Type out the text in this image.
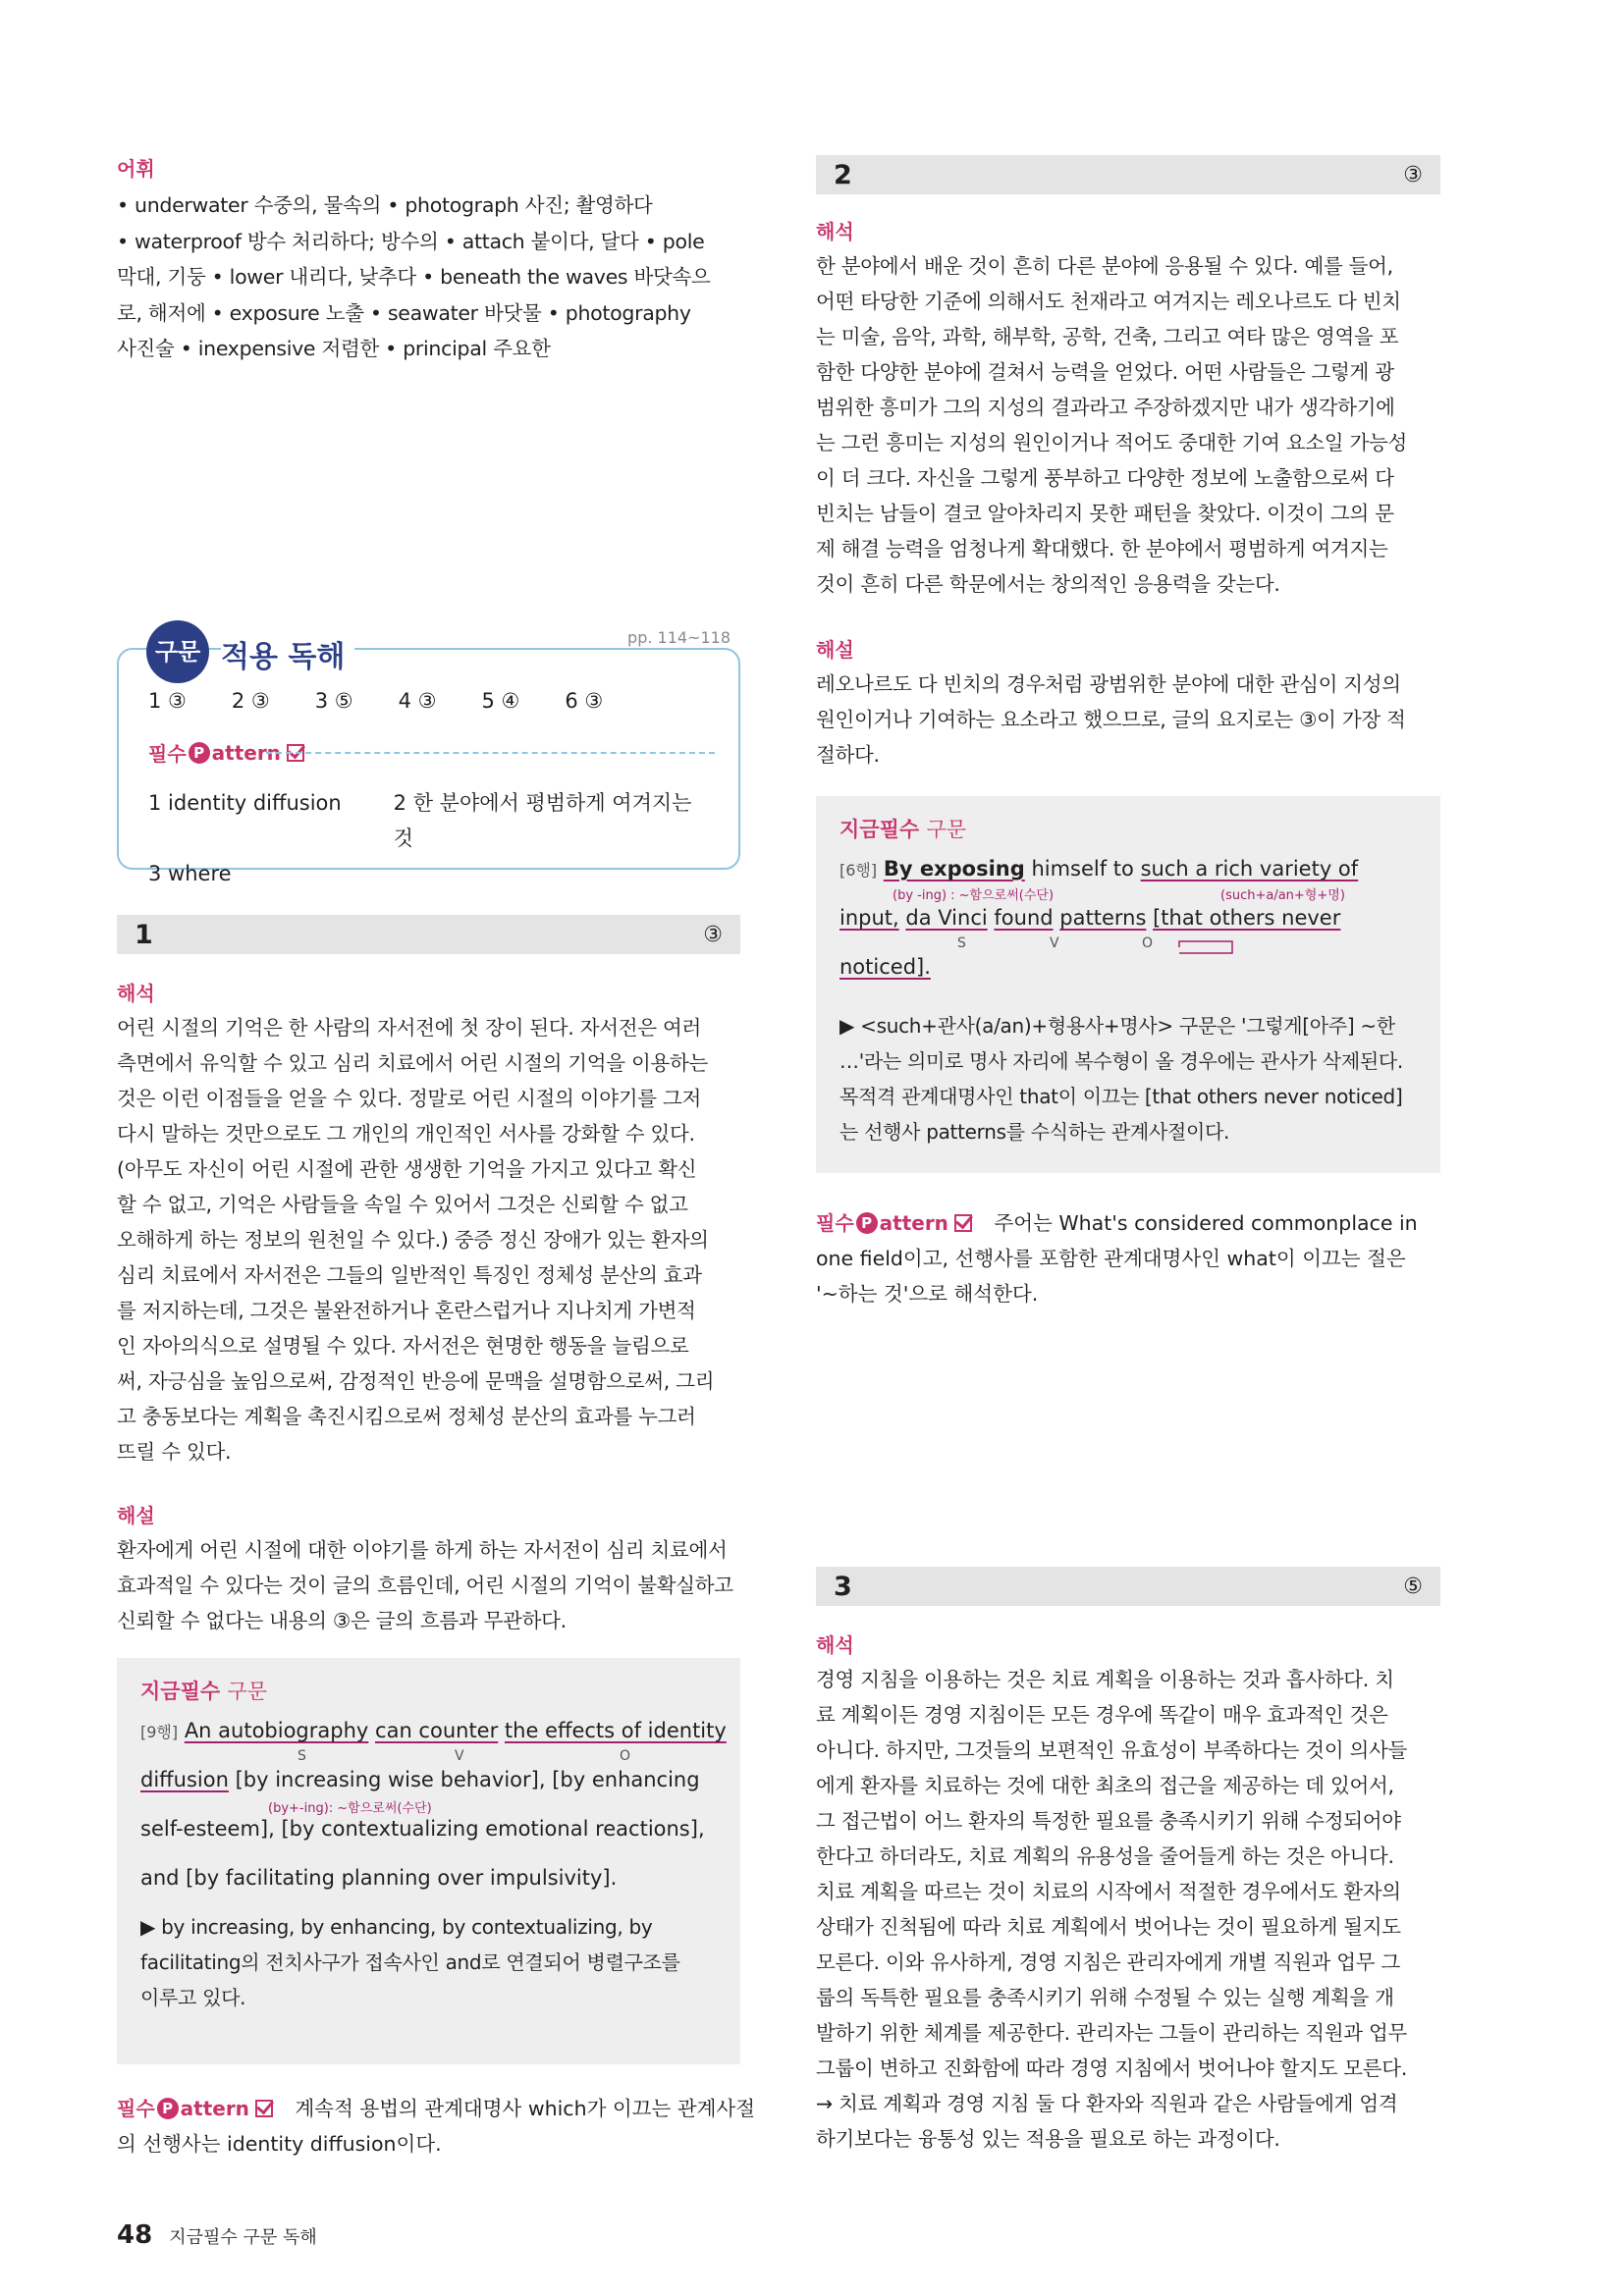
어휘
• underwater 수중의, 물속의 • photograph 사진; 촬영하다
• waterproof 방수 처리하다; 방수의 • attach 붙이다, 달다 • pole
막대, 기둥 • lower 내리다, 낮추다 • beneath the waves 바닷속으
로, 해저에 • exposure 노출 • seawater 바닷물 • photography
사진술 • inexpensive 저렴한 • principal 주요한
구문 적용 독해
pp. 114~118
1 ③ 2 ③ 3 ⑤ 4 ③ 5 ④ 6 ③
필수 P attern
1 identity diffusion	2 한 분야에서 평범하게 여겨지는 것
3 where
1	③
해석
어린 시절의 기억은 한 사람의 자서전에 첫 장이 된다. 자서전은 여러
측면에서 유익할 수 있고 심리 치료에서 어린 시절의 기억을 이용하는
것은 이런 이점들을 얻을 수 있다. 정말로 어린 시절의 이야기를 그저
다시 말하는 것만으로도 그 개인의 개인적인 서사를 강화할 수 있다.
(아무도 자신이 어린 시절에 관한 생생한 기억을 가지고 있다고 확신
할 수 없고, 기억은 사람들을 속일 수 있어서 그것은 신뢰할 수 없고
오해하게 하는 정보의 원천일 수 있다.) 중증 정신 장애가 있는 환자의
심리 치료에서 자서전은 그들의 일반적인 특징인 정체성 분산의 효과
를 저지하는데, 그것은 불완전하거나 혼란스럽거나 지나치게 가변적
인 자아의식으로 설명될 수 있다. 자서전은 현명한 행동을 늘림으로
써, 자긍심을 높임으로써, 감정적인 반응에 문맥을 설명함으로써, 그리
고 충동보다는 계획을 촉진시킴으로써 정체성 분산의 효과를 누그러
뜨릴 수 있다.
해설
환자에게 어린 시절에 대한 이야기를 하게 하는 자서전이 심리 치료에서
효과적일 수 있다는 것이 글의 흐름인데, 어린 시절의 기억이 불확실하고
신뢰할 수 없다는 내용의 ③은 글의 흐름과 무관하다.
지금필수 구문
[9행] An autobiography can counter the effects of identity
S	V	O
diffusion [by increasing wise behavior], [by enhancing
(by+-ing): ~함으로써(수단)
self-esteem], [by contextualizing emotional reactions],
and [by facilitating planning over impulsivity].
▶ by increasing, by enhancing, by contextualizing, by
facilitating의 전치사구가 접속사인 and로 연결되어 병렬구조를
이루고 있다.
필수 P attern 계속적 용법의 관계대명사 which가 이끄는 관계사절
의 선행사는 identity diffusion이다.
48 지금필수 구문 독해
2	③
해석
한 분야에서 배운 것이 흔히 다른 분야에 응용될 수 있다. 예를 들어,
어떤 타당한 기준에 의해서도 천재라고 여겨지는 레오나르도 다 빈치
는 미술, 음악, 과학, 해부학, 공학, 건축, 그리고 여타 많은 영역을 포
함한 다양한 분야에 걸쳐서 능력을 얻었다. 어떤 사람들은 그렇게 광
범위한 흥미가 그의 지성의 결과라고 주장하겠지만 내가 생각하기에
는 그런 흥미는 지성의 원인이거나 적어도 중대한 기여 요소일 가능성
이 더 크다. 자신을 그렇게 풍부하고 다양한 정보에 노출함으로써 다
빈치는 남들이 결코 알아차리지 못한 패턴을 찾았다. 이것이 그의 문
제 해결 능력을 엄청나게 확대했다. 한 분야에서 평범하게 여겨지는
것이 흔히 다른 학문에서는 창의적인 응용력을 갖는다.
해설
레오나르도 다 빈치의 경우처럼 광범위한 분야에 대한 관심이 지성의
원인이거나 기여하는 요소라고 했으므로, 글의 요지로는 ③이 가장 적
절하다.
지금필수 구문
[6행] By exposing himself to such a rich variety of
(by -ing) : ~함으로써(수단)	(such+a/an+형+명)
input, da Vinci found patterns [that others never
S	V	O
noticed].
▶ <such+관사(a/an)+형용사+명사> 구문은 '그렇게[아주] ~한
…'라는 의미로 명사 자리에 복수형이 올 경우에는 관사가 삭제된다.
목적격 관계대명사인 that이 이끄는 [that others never noticed]
는 선행사 patterns를 수식하는 관계사절이다.
필수 P attern 주어는 What's considered commonplace in
one field이고, 선행사를 포함한 관계대명사인 what이 이끄는 절은
'~하는 것'으로 해석한다.
3	⑤
해석
경영 지침을 이용하는 것은 치료 계획을 이용하는 것과 흡사하다. 치
료 계획이든 경영 지침이든 모든 경우에 똑같이 매우 효과적인 것은
아니다. 하지만, 그것들의 보편적인 유효성이 부족하다는 것이 의사들
에게 환자를 치료하는 것에 대한 최초의 접근을 제공하는 데 있어서,
그 접근법이 어느 환자의 특정한 필요를 충족시키기 위해 수정되어야
한다고 하더라도, 치료 계획의 유용성을 줄어들게 하는 것은 아니다.
치료 계획을 따르는 것이 치료의 시작에서 적절한 경우에서도 환자의
상태가 진척됨에 따라 치료 계획에서 벗어나는 것이 필요하게 될지도
모른다. 이와 유사하게, 경영 지침은 관리자에게 개별 직원과 업무 그
룹의 독특한 필요를 충족시키기 위해 수정될 수 있는 실행 계획을 개
발하기 위한 체계를 제공한다. 관리자는 그들이 관리하는 직원과 업무
그룹이 변하고 진화함에 따라 경영 지침에서 벗어나야 할지도 모른다.
→ 치료 계획과 경영 지침 둘 다 환자와 직원과 같은 사람들에게 엄격
하기보다는 융통성 있는 적용을 필요로 하는 과정이다.
